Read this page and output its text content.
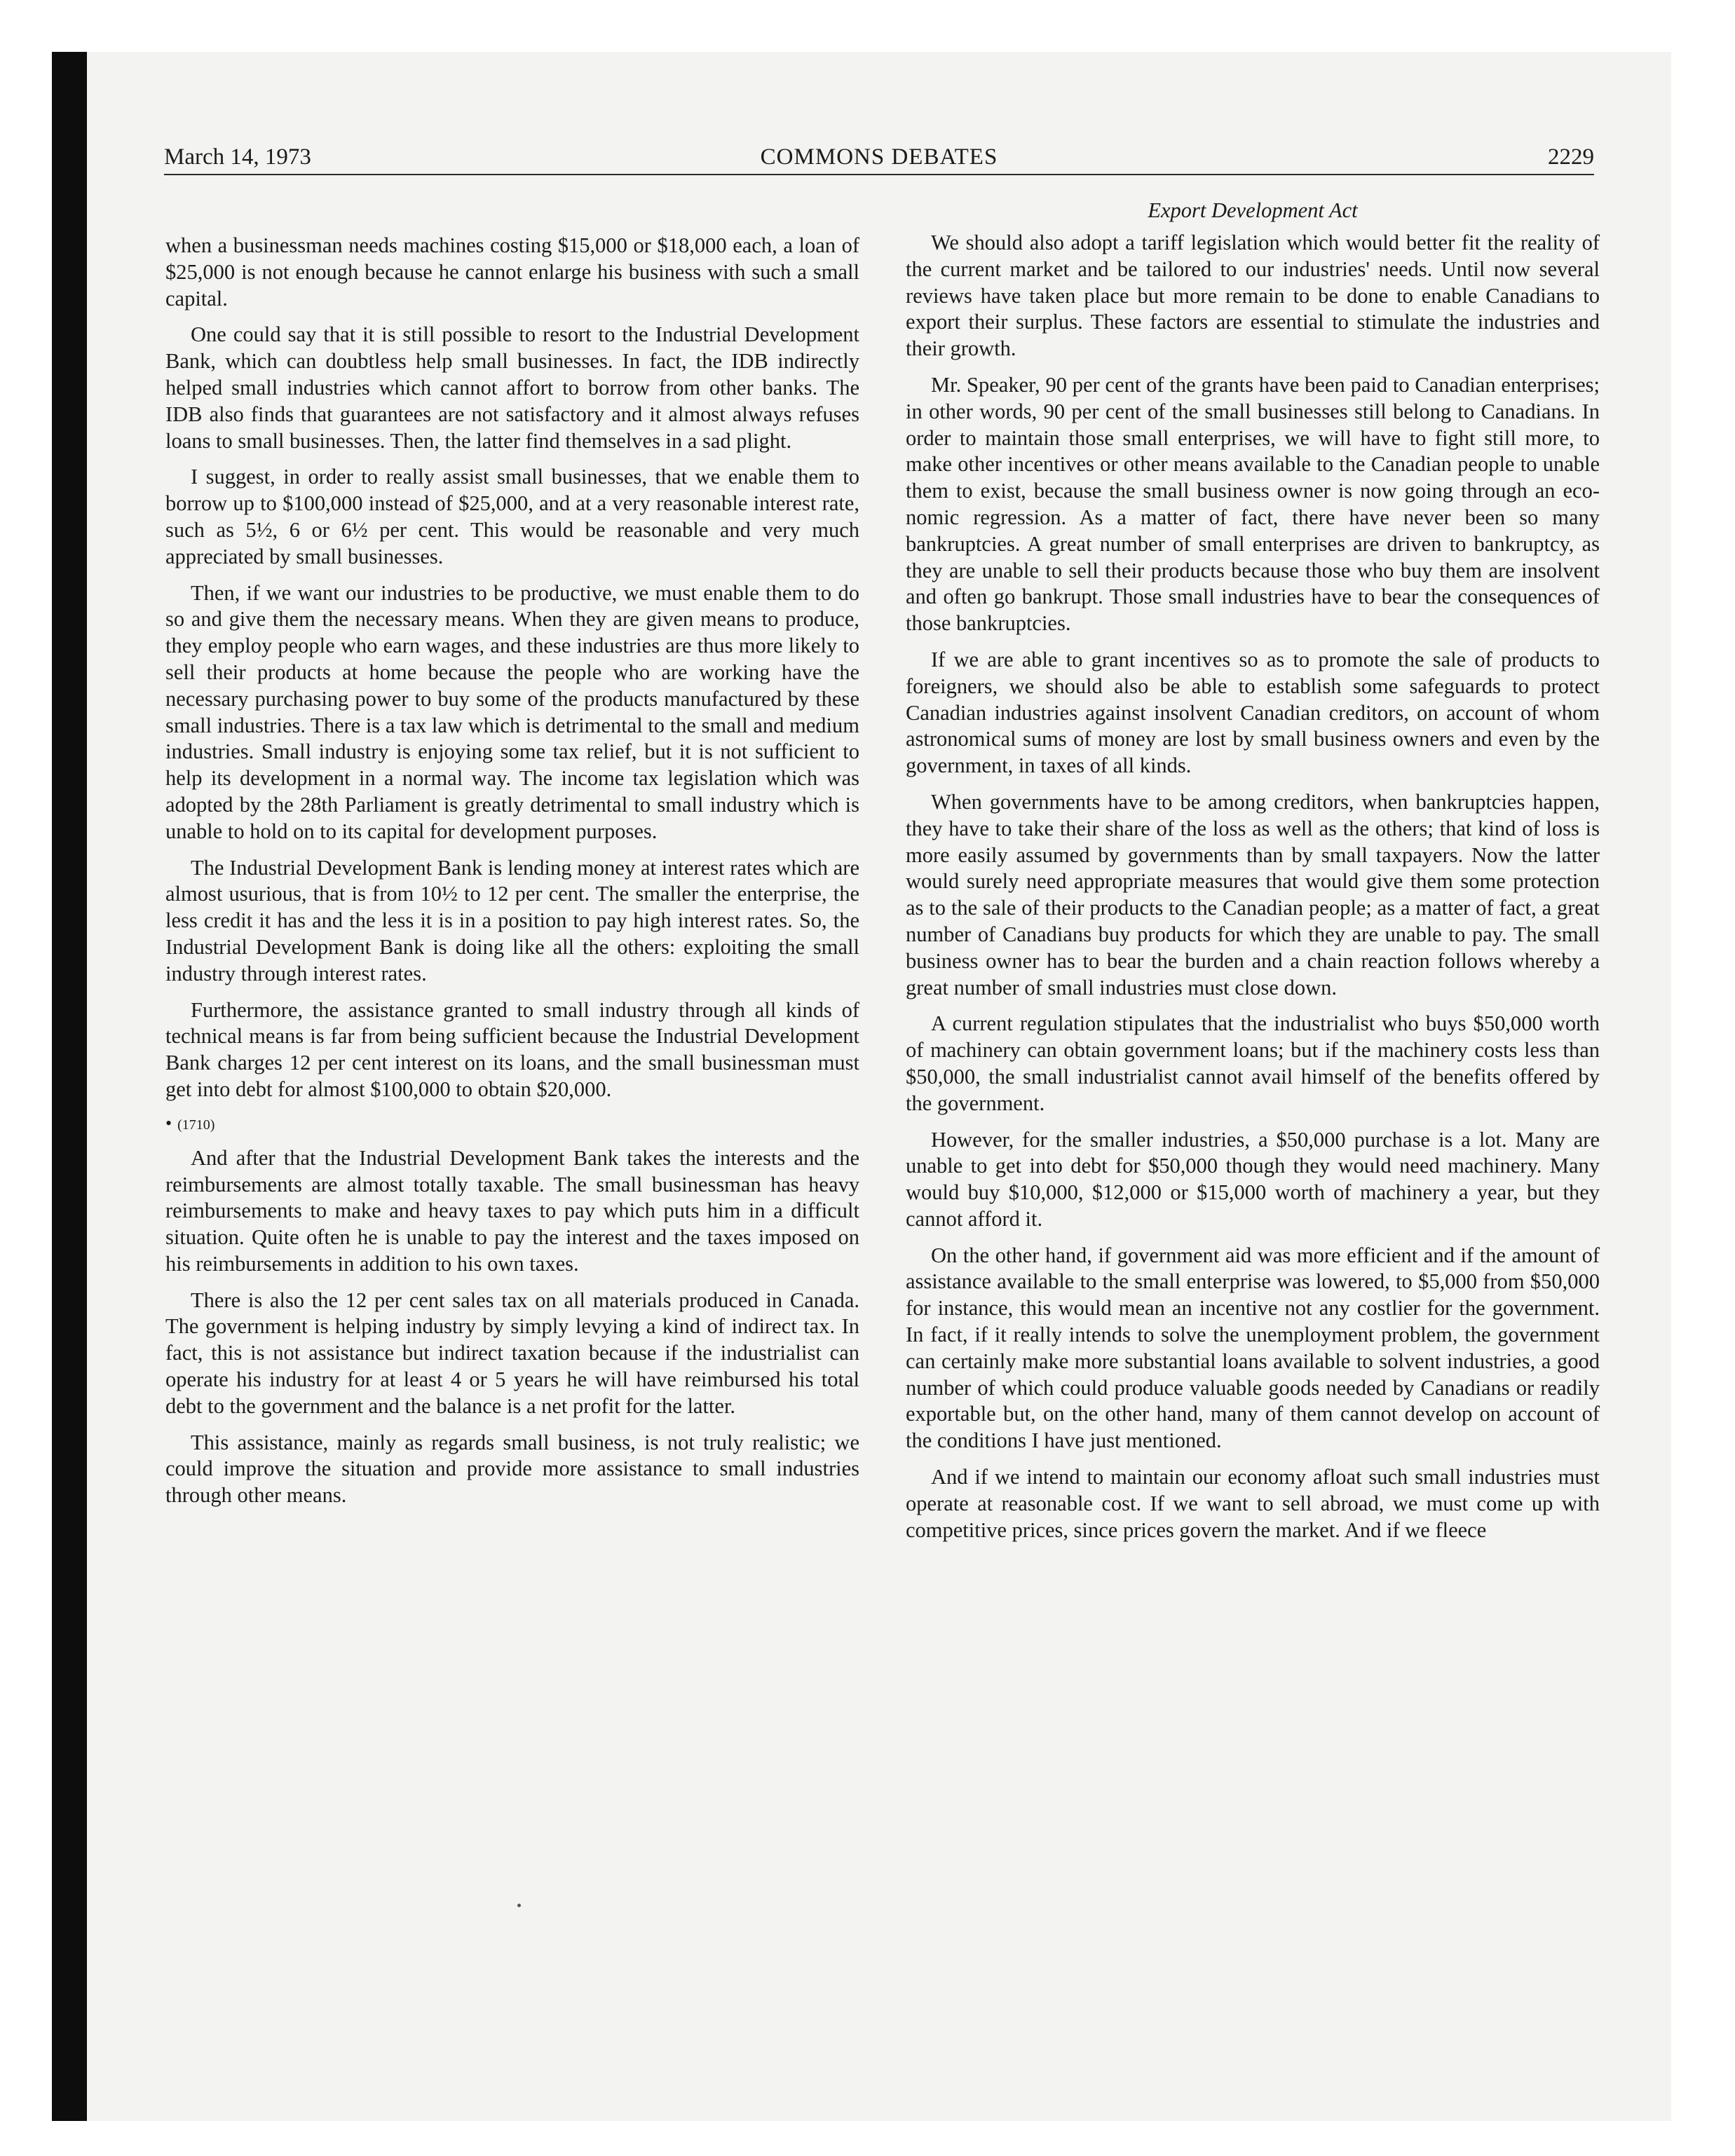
March 14, 1973	COMMONS DEBATES	2229

when a businessman needs machines costing $15,000 or $18,000 each, a loan of $25,000 is not enough because he cannot enlarge his business with such a small capital.

One could say that it is still possible to resort to the Industrial Development Bank, which can doubtless help small businesses. In fact, the IDB indirectly helped small industries which cannot affort to borrow from other banks. The IDB also finds that guarantees are not satisfactory and it almost always refuses loans to small businesses. Then, the latter find themselves in a sad plight.

I suggest, in order to really assist small businesses, that we enable them to borrow up to $100,000 instead of $25,000, and at a very reasonable interest rate, such as 5½, 6 or 6½ per cent. This would be reasonable and very much appreciated by small businesses.

Then, if we want our industries to be productive, we must enable them to do so and give them the necessary means. When they are given means to produce, they employ people who earn wages, and these industries are thus more likely to sell their products at home because the people who are working have the necessary purchasing power to buy some of the products manufactured by these small industries. There is a tax law which is detrimental to the small and medium industries. Small industry is enjoying some tax relief, but it is not sufficient to help its development in a normal way. The income tax legislation which was adopted by the 28th Parliament is greatly detrimental to small industry which is unable to hold on to its capital for development purposes.

The Industrial Development Bank is lending money at interest rates which are almost usurious, that is from 10½ to 12 per cent. The smaller the enterprise, the less credit it has and the less it is in a position to pay high interest rates. So, the Industrial Development Bank is doing like all the others: exploiting the small industry through interest rates.

Furthermore, the assistance granted to small industry through all kinds of technical means is far from being sufficient because the Industrial Development Bank charges 12 per cent interest on its loans, and the small businessman must get into debt for almost $100,000 to obtain $20,000.

• (1710)

And after that the Industrial Development Bank takes the interests and the reimbursements are almost totally taxable. The small businessman has heavy reimbursements to make and heavy taxes to pay which puts him in a difficult situation. Quite often he is unable to pay the interest and the taxes imposed on his reimbursements in addition to his own taxes.

There is also the 12 per cent sales tax on all materials produced in Canada. The government is helping industry by simply levying a kind of indirect tax. In fact, this is not assistance but indirect taxation because if the industrialist can operate his industry for at least 4 or 5 years he will have reimbursed his total debt to the government and the balance is a net profit for the latter.

This assistance, mainly as regards small business, is not truly realistic; we could improve the situation and provide more assistance to small industries through other means.

Export Development Act

We should also adopt a tariff legislation which would better fit the reality of the current market and be tailored to our industries' needs. Until now several reviews have taken place but more remain to be done to enable Canadians to export their surplus. These factors are essential to stimulate the industries and their growth.

Mr. Speaker, 90 per cent of the grants have been paid to Canadian enterprises; in other words, 90 per cent of the small businesses still belong to Canadians. In order to maintain those small enterprises, we will have to fight still more, to make other incentives or other means available to the Canadian people to unable them to exist, because the small business owner is now going through an economic regression. As a matter of fact, there have never been so many bankruptcies. A great number of small enterprises are driven to bankruptcy, as they are unable to sell their products because those who buy them are insolvent and often go bankrupt. Those small industries have to bear the consequences of those bankruptcies.

If we are able to grant incentives so as to promote the sale of products to foreigners, we should also be able to establish some safeguards to protect Canadian industries against insolvent Canadian creditors, on account of whom astronomical sums of money are lost by small business owners and even by the government, in taxes of all kinds.

When governments have to be among creditors, when bankruptcies happen, they have to take their share of the loss as well as the others; that kind of loss is more easily assumed by governments than by small taxpayers. Now the latter would surely need appropriate measures that would give them some protection as to the sale of their products to the Canadian people; as a matter of fact, a great number of Canadians buy products for which they are unable to pay. The small business owner has to bear the burden and a chain reaction follows whereby a great number of small industries must close down.

A current regulation stipulates that the industrialist who buys $50,000 worth of machinery can obtain government loans; but if the machinery costs less than $50,000, the small industrialist cannot avail himself of the benefits offered by the government.

However, for the smaller industries, a $50,000 purchase is a lot. Many are unable to get into debt for $50,000 though they would need machinery. Many would buy $10,000, $12,000 or $15,000 worth of machinery a year, but they cannot afford it.

On the other hand, if government aid was more efficient and if the amount of assistance available to the small enterprise was lowered, to $5,000 from $50,000 for instance, this would mean an incentive not any costlier for the government. In fact, if it really intends to solve the unemployment problem, the government can certainly make more substantial loans available to solvent industries, a good number of which could produce valuable goods needed by Canadians or readily exportable but, on the other hand, many of them cannot develop on account of the conditions I have just mentioned.

And if we intend to maintain our economy afloat such small industries must operate at reasonable cost. If we want to sell abroad, we must come up with competitive prices, since prices govern the market. And if we fleece
